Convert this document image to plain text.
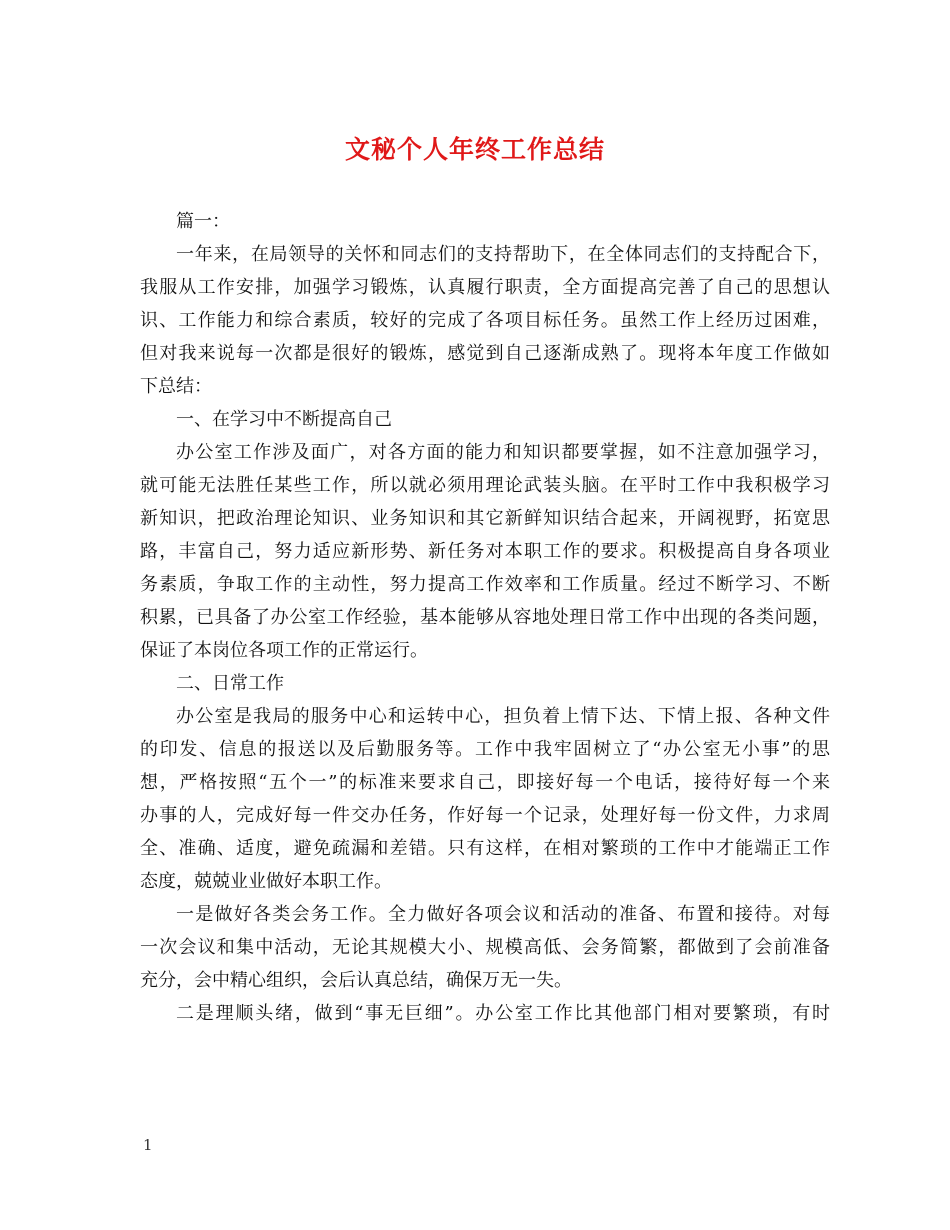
文秘个人年终工作总结
篇一：
一年来，在局领导的关怀和同志们的支持帮助下，在全体同志们的支持配合下，
我服从工作安排，加强学习锻炼，认真履行职责，全方面提高完善了自己的思想认
识、工作能力和综合素质，较好的完成了各项目标任务。虽然工作上经历过困难，
但对我来说每一次都是很好的锻炼，感觉到自己逐渐成熟了。现将本年度工作做如
下总结：
一、在学习中不断提高自己
办公室工作涉及面广，对各方面的能力和知识都要掌握，如不注意加强学习，
就可能无法胜任某些工作，所以就必须用理论武装头脑。在平时工作中我积极学习
新知识，把政治理论知识、业务知识和其它新鲜知识结合起来，开阔视野，拓宽思
路，丰富自己，努力适应新形势、新任务对本职工作的要求。积极提高自身各项业
务素质，争取工作的主动性，努力提高工作效率和工作质量。经过不断学习、不断
积累，已具备了办公室工作经验，基本能够从容地处理日常工作中出现的各类问题，
保证了本岗位各项工作的正常运行。
二、日常工作
办公室是我局的服务中心和运转中心，担负着上情下达、下情上报、各种文件
的印发、信息的报送以及后勤服务等。工作中我牢固树立了“办公室无小事”的思
想，严格按照“五个一”的标准来要求自己，即接好每一个电话，接待好每一个来
办事的人，完成好每一件交办任务，作好每一个记录，处理好每一份文件，力求周
全、准确、适度，避免疏漏和差错。只有这样，在相对繁琐的工作中才能端正工作
态度，兢兢业业做好本职工作。
一是做好各类会务工作。全力做好各项会议和活动的准备、布置和接待。对每
一次会议和集中活动，无论其规模大小、规模高低、会务简繁，都做到了会前准备
充分，会中精心组织，会后认真总结，确保万无一失。
二是理顺头绪，做到“事无巨细”。办公室工作比其他部门相对要繁琐，有时
1
